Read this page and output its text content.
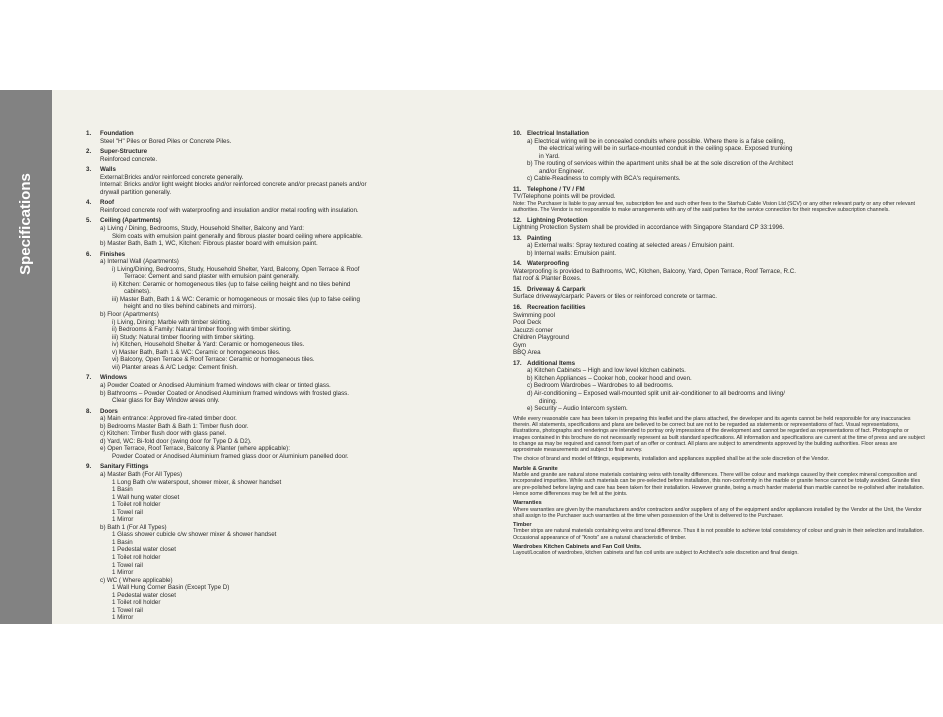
Specifications
1.	Foundation
Steel "H" Piles or Bored Piles or Concrete Piles.
2.	Super-Structure
Reinforced concrete.
3.	Walls
External:Bricks and/or reinforced concrete generally.
Internal: Bricks and/or light weight blocks and/or reinforced concrete and/or precast panels and/or
drywall partition generally.
4.	Roof
Reinforced concrete roof with waterproofing and insulation and/or metal roofing with insulation.
5.	Ceiling (Apartments)
a) Living / Dining, Bedrooms, Study, Household Shelter, Balcony and Yard:
Skim coats with emulsion paint generally and fibrous plaster board ceiling where applicable.
b) Master Bath, Bath 1, WC, Kitchen: Fibrous plaster board with emulsion paint.
6.	Finishes
a) Internal Wall (Apartments)
i) Living/Dining, Bedrooms, Study, Household Shelter, Yard, Balcony, Open Terrace & Roof
Terrace: Cement and sand plaster with emulsion paint generally.
ii) Kitchen: Ceramic or homogeneous tiles (up to false ceiling height and no tiles behind
cabinets).
iii) Master Bath, Bath 1 & WC: Ceramic or homogeneous or mosaic tiles (up to false ceiling
height and no tiles behind cabinets and mirrors).
b) Floor (Apartments)
i) Living, Dining: Marble with timber skirting.
ii) Bedrooms & Family: Natural timber flooring with timber skirting.
iii) Study: Natural timber flooring with timber skirting.
iv) Kitchen, Household Shelter & Yard: Ceramic or homogeneous tiles.
v) Master Bath, Bath 1 & WC: Ceramic or homogeneous tiles.
vi) Balcony, Open Terrace & Roof Terrace: Ceramic or homogeneous tiles.
vii) Planter areas & A/C Ledge: Cement finish.
7.	Windows
a) Powder Coated or Anodised Aluminium framed windows with clear or tinted glass.
b) Bathrooms – Powder Coated or Anodised Aluminium framed windows with frosted glass.
Clear glass for Bay Window areas only.
8.	Doors
a) Main entrance: Approved fire-rated timber door.
b) Bedrooms Master Bath & Bath 1: Timber flush door.
c) Kitchen: Timber flush door with glass panel.
d) Yard, WC: Bi-fold door (swing door for Type D & D2).
e) Open Terrace, Roof Terrace, Balcony & Planter (where applicable):
Powder Coated or Anodised Aluminium framed glass door or Aluminium panelled door.
9.	Sanitary Fittings
a) Master Bath (For All Types)
1 Long Bath c/w waterspout, shower mixer, & shower handset
1 Basin
1 Wall hung water closet
1 Toilet roll holder
1 Towel rail
1 Mirror
b) Bath 1 (For All Types)
1 Glass shower cubicle c/w shower mixer & shower handset
1 Basin
1 Pedestal water closet
1 Toilet roll holder
1 Towel rail
1 Mirror
c) WC ( Where applicable)
1 Wall Hung Corner Basin (Except Type D)
1 Pedestal water closet
1 Toilet roll holder
1 Towel rail
1 Mirror
10. Electrical Installation
a) Electrical wiring will be in concealed conduits where possible. Where there is a false ceiling,
the electrical wiring will be in surface-mounted conduit in the ceiling space. Exposed trunking
in Yard.
b) The routing of services within the apartment units shall be at the sole discretion of the Architect
and/or Engineer.
c) Cable-Readiness to comply with BCA's requirements.
11. Telephone / TV / FM
TV/Telephone points will be provided.
Note: The Purchaser is liable to pay annual fee, subscription fee and such other fees to the Starhub Cable Vision Ltd (SCV) or any other relevant party or any other relevant authorities. The Vendor is not responsible to make arrangements with any of the said parties for the service connection for their respective subscription channels.
12. Lightning Protection
Lightning Protection System shall be provided in accordance with Singapore Standard CP 33:1996.
13. Painting
a) External walls: Spray textured coating at selected areas / Emulsion paint.
b) Internal walls: Emulsion paint.
14. Waterproofing
Waterproofing is provided to Bathrooms, WC, Kitchen, Balcony, Yard, Open Terrace, Roof Terrace, R.C.
flat roof & Planter Boxes.
15. Driveway & Carpark
Surface driveway/carpark: Pavers or tiles or reinforced concrete or tarmac.
16. Recreation facilities
Swimming pool
Pool Deck
Jacuzzi corner
Children Playground
Gym
BBQ Area
17. Additional Items
a) Kitchen Cabinets – High and low level kitchen cabinets.
b) Kitchen Appliances – Cooker hob, cooker hood and oven.
c) Bedroom Wardrobes – Wardrobes to all bedrooms.
d) Air-conditioning – Exposed wall-mounted split unit air-conditioner to all bedrooms and living/
dining.
e) Security – Audio Intercom system.
While every reasonable care has been taken in preparing this leaflet and the plans attached, the developer and its agents cannot be held responsible for any inaccuracies therein. All statements, specifications and plans are believed to be correct but are not to be regarded as statements or representations of fact. Visual representations, illustrations, photographs and renderings are intended to portray only impressions of the development and cannot be regarded as representations of fact. Photographs or images contained in this brochure do not necessarily represent as built standard specifications. All information and specifications are current at the time of press and are subject to change as may be required and cannot form part of an offer or contract. All plans are subject to amendments approved by the building authorities. Floor areas are approximate measurements and subject to final survey.
The choice of brand and model of fittings, equipments, installation and appliances supplied shall be at the sole discretion of the Vendor.
Marble & Granite
Marble and granite are natural stone materials containing veins with tonality differences. There will be colour and markings caused by their complex mineral composition and incorporated impurities. While such materials can be pre-selected before installation, this non-conformity in the marble or granite hence cannot be totally avoided. Granite tiles are pre-polished before laying and care has been taken for their installation. However granite, being a much harder material than marble cannot be re-polished after installation. Hence some differences may be felt at the joints.
Warranties
Where warranties are given by the manufacturers and/or contractors and/or suppliers of any of the equipment and/or appliances installed by the Vendor at the Unit, the Vendor shall assign to the Purchaser such warranties at the time when possession of the Unit is delivered to the Purchaser.
Timber
Timber strips are natural materials containing veins and tonal difference. Thus it is not possible to achieve total consistency of colour and grain in their selection and installation. Occasional appearance of of "Knots" are a natural characteristic of timber.
Wardrobes Kitchen Cabinets and Fan Coil Units.
Layout/Location of wardrobes, kitchen cabinets and fan coil units are subject to Architect's sole discretion and final design.
